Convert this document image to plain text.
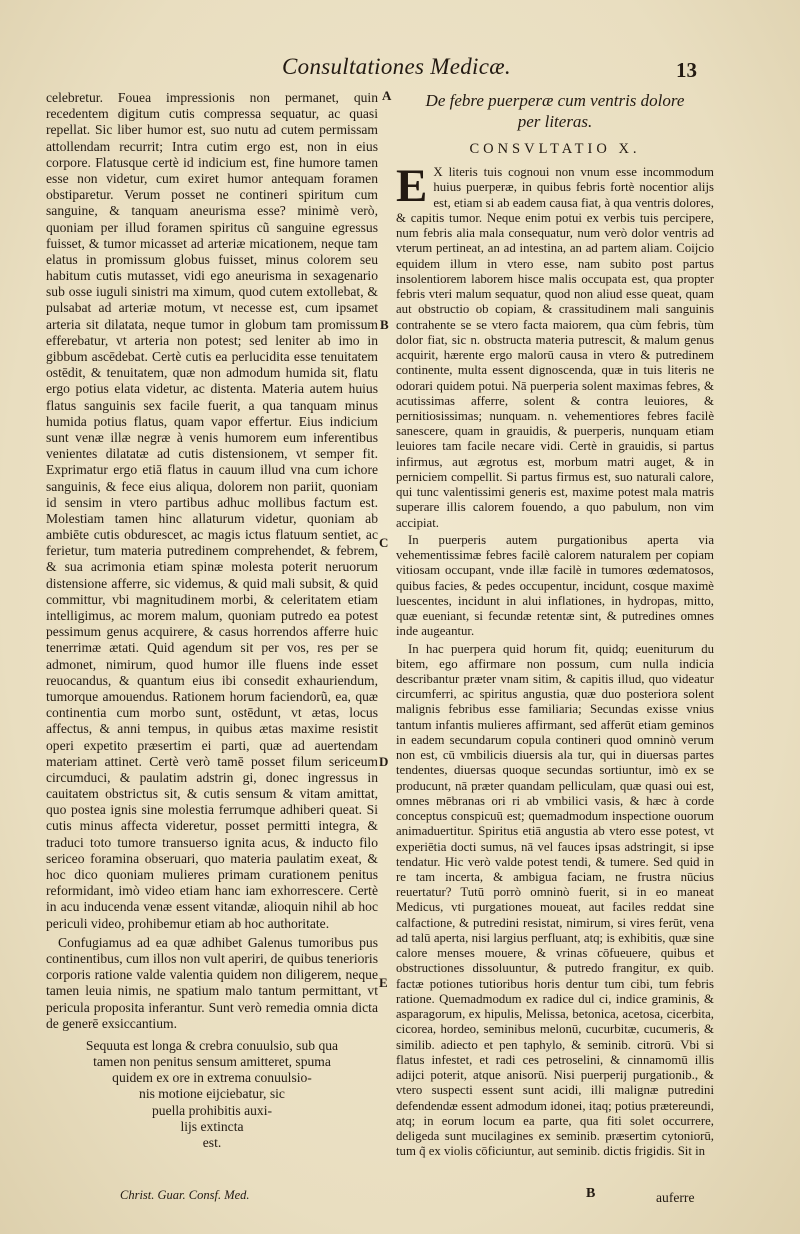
Consultationes Medicæ.	13

celebretur. Fouea impressionis non permanet, quin recedentem digitum cutis compressa sequatur, ac quasi repellat. Sic liber humor est, suo nutu ad cutem permissam attollendam recurrit; Intra cutim ergo est, non in eius corpore. Flatusque certè id indicium est, fine humore tamen esse non videtur, cum exiret humor antequam foramen obstiparetur. Verum posset ne contineri spiritum cum sanguine, & tanquam aneurisma esse? minimè verò, quoniam per illud foramen spiritus cũ sanguine egressus fuisset, & tumor micasset ad arteriæ micationem, neque tam elatus in promissum globus fuisset, minus colorem seu habitum cutis mutasset, vidi ego aneurisma in sexagenario sub osse iuguli sinistri ma ximum, quod cutem extollebat, & pulsabat ad arteriæ motum, vt necesse est, cum ipsamet arteria sit dilatata, neque tumor in globum tam promissum efferebatur, vt arteria non potest; sed leniter ab imo in gibbum ascēdebat. Certè cutis ea perlucidita esse tenuitatem ostēdit, & tenuitatem, quæ non admodum humida sit, flatu ergo potius elata videtur, ac distenta. Materia autem huius flatus sanguinis sex facile fuerit, a qua tanquam minus humida potius flatus, quam vapor effertur. Eius indicium sunt venæ illæ negræ à venis humorem eum inferentibus venientes dilatatæ ad cutis distensionem, vt semper fit. Exprimatur ergo etiā flatus in cauum illud vna cum ichore sanguinis, & fece eius aliqua, dolorem non pariit, quoniam id sensim in vtero partibus adhuc mollibus factum est. Molestiam tamen hinc allaturum videtur, quoniam ab ambiēte cutis obdurescet, ac magis ictus flatuum sentiet, ac ferietur, tum materia putredinem comprehendet, & febrem, & sua acrimonia etiam spinæ molesta poterit neruorum distensione afferre, sic videmus, & quid mali subsit, & quid committur, vbi magnitudinem morbi, & celeritatem etiam intelligimus, ac morem malum, quoniam putredo ea potest pessimum genus acquirere, & casus horrendos afferre huic tenerrimæ ætati. Quid agendum sit per vos, res per se admonet, nimirum, quod humor ille fluens inde esset reuocandus, & quantum eius ibi consedit exhauriendum, tumorque amouendus. Rationem horum faciendorũ, ea, quæ continentia cum morbo sunt, ostēdunt, vt ætas, locus affectus, & anni tempus, in quibus ætas maxime resistit operi expetito præsertim ei parti, quæ ad auertendam materiam attinet. Certè verò tamē posset filum sericeum circumduci, & paulatim adstrin gi, donec ingressus in cauitatem obstrictus sit, & cutis sensum & vitam amittat, quo postea ignis sine molestia ferrumque adhiberi queat. Si cutis minus affecta videretur, posset permitti integra, & traduci toto tumore transuerso ignita acus, & inducto filo sericeo foramina obseruari, quo materia paulatim exeat, & hoc dico quoniam mulieres primam curationem penitus reformidant, imò video etiam hanc iam exhorrescere. Certè in acu inducenda venæ essent vitandæ, alioquin nihil ab hoc periculi video, prohibemur etiam ab hoc authoritate.

Confugiamus ad ea quæ adhibet Galenus tumoribus pus continentibus, cum illos non vult aperiri, de quibus tenerioris corporis ratione valde valentia quidem non diligerem, neque tamen leuia nimis, ne spatium malo tantum permittant, vt pericula proposita inferantur. Sunt verò remedia omnia dicta de generē exsiccantium.

Sequuta est longa & crebra conuulsio, sub qua
tamen non penitus sensum amitteret, spuma
quidem ex ore in extrema conuulsio-
nis motione eijciebatur, sic
puella prohibitis auxi-
lijs extincta
est.
A
B
C
D
E
De febre puerperæ cum ventris dolore
per literas.
CONSVLTATIO X.

E X literis tuis cognoui non vnum esse incommodum huius puerperæ, in quibus febris fortè nocentior alijs est, etiam si ab eadem causa fiat, à qua ventris dolores, & capitis tumor. Neque enim potui ex verbis tuis percipere, num febris alia mala consequatur, num verò dolor ventris ad vterum pertineat, an ad intestina, an ad partem aliam. Coijcio equidem illum in vtero esse, nam subito post partus insolentiorem laborem hisce malis occupata est, qua propter febris vteri malum sequatur, quod non aliud esse queat, quam aut obstructio ob copiam, & crassitudinem mali sanguinis contrahente se se vtero facta maiorem, qua cùm febris, tùm dolor fiat, sic n. obstructa materia putrescit, & malum genus acquirit, hærente ergo malorū causa in vtero & putredinem continente, multa essent dignoscenda, quæ in tuis literis ne odorari quidem potui. Nā puerperia solent maximas febres, & acutissimas afferre, solent & contra leuiores, & pernitiosissimas; nunquam. n. vehementiores febres facilè sanescere, quam in grauidis, & puerperis, nunquam etiam leuiores tam facile necare vidi. Certè in grauidis, si partus infirmus, aut ægrotus est, morbum matri auget, & in perniciem compellit. Si partus firmus est, suo naturali calore, qui tunc valentissimi generis est, maxime potest mala matris superare illis calorem fouendo, a quo pabulum, non vim accipiat.

In puerperis autem purgationibus aperta via vehementissimæ febres facilè calorem naturalem per copiam vitiosam occupant, vnde illæ facilè in tumores œdematosos, quibus facies, & pedes occupentur, incidunt, cosque maximè luescentes, incidunt in alui inflationes, in hydropas, mitto, quæ eueniant, si fecundæ retentæ sint, & putredines omnes inde augeantur.

In hac puerpera quid horum fit, quidq; eueniturum du bitem, ego affirmare non possum, cum nulla indicia describantur præter vnam sitim, & capitis illud, quo videatur circumferri, ac spiritus angustia, quæ duo posteriora solent malignis febribus esse familiaria; Secundas exisse vnius tantum infantis mulieres affirmant, sed afferūt etiam geminos in eadem secundarum copula contineri quod omninò verum non est, cū vmbilicis diuersis ala tur, qui in diuersas partes tendentes, diuersas quoque secundas sortiuntur, imò ex se producunt, nā præter quandam pelliculam, quæ quasi oui est, omnes mēbranas ori ri ab vmbilici vasis, & hæc à corde conceptus conspicuū est; quemadmodum inspectione ouorum animaduertitur. Spiritus etiā angustia ab vtero esse potest, vt experiētia docti sumus, nā vel fauces ipsas adstringit, si ipse tendatur. Hic verò valde potest tendi, & tumere. Sed quid in re tam incerta, & ambigua faciam, ne frustra nūcius reuertatur? Tutū porrò omninò fuerit, si in eo maneat Medicus, vti purgationes moueat, aut faciles reddat sine calfactione, & putredini resistat, nimirum, si vires ferūt, vena ad talū aperta, nisi largius perfluant, atq; is exhibitis, quæ sine calore menses mouere, & vrinas cōfueuere, quibus et obstructiones dissoluuntur, & putredo frangitur, ex quib. factæ potiones tutioribus horis dentur tum cibi, tum febris ratione. Quemadmodum ex radice dul ci, indice graminis, & asparagorum, ex hipulis, Melissa, betonica, acetosa, cicerbita, cicorea, hordeo, seminibus melonū, cucurbitæ, cucumeris, & similib. adiecto et pen taphylo, & seminib. citrorū. Vbi si flatus infestet, et radi ces petroselini, & cinnamomū illis adijci poterit, atque anisorū. Nisi puerperij purgationib., & vtero suspecti essent sunt acidi, illi malignæ putredini defendendæ essent admodum idonei, itaq; potius prætereundi, atq; in eorum locum ea parte, qua fiti solet occurrere, deligeda sunt mucilagines ex seminib. præsertim cytoniorū, tum q̃ ex violis cōficiuntur, aut seminib. dictis frigidis. Sit in

Christ. Guar. Consf. Med.	B	auferre
